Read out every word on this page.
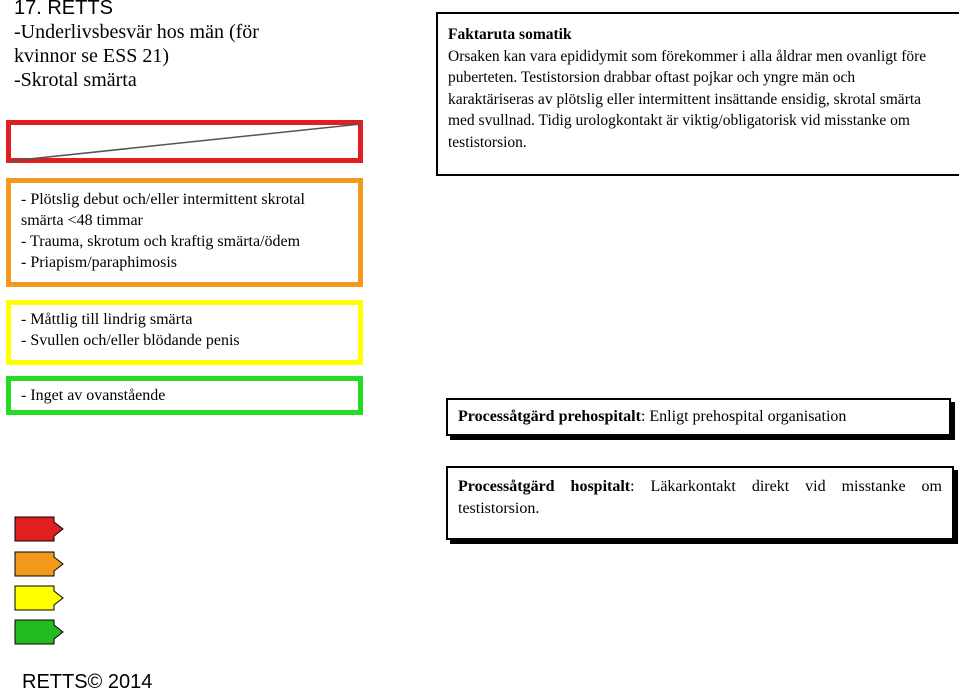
17. RETTS
-Underlivsbesvär hos män (för
kvinnor se ESS 21)
-Skrotal smärta
- Plötslig debut och/eller intermittent skrotal
smärta <48 timmar
- Trauma, skrotum och kraftig smärta/ödem
- Priapism/paraphimosis
- Måttlig till lindrig smärta
- Svullen och/eller blödande penis
- Inget av ovanstående
Faktaruta somatik
Orsaken kan vara epididymit som förekommer i alla åldrar men ovanligt före puberteten. Testistorsion drabbar oftast pojkar och yngre män och karaktäriseras av plötslig eller intermittent insättande ensidig, skrotal smärta med svullnad. Tidig urologkontakt är viktig/obligatorisk vid misstanke om testistorsion.
Processåtgärd prehospitalt: Enligt prehospital organisation
Processåtgärd hospitalt: Läkarkontakt direkt vid misstanke om testistorsion.
RETTS© 2014
